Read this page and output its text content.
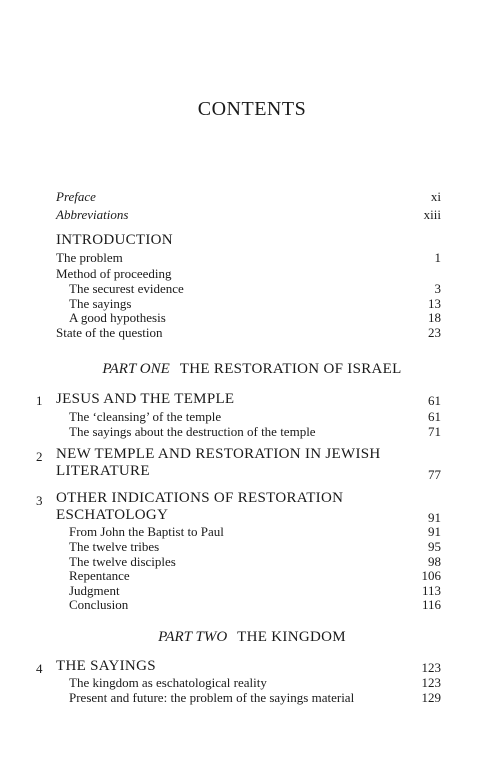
CONTENTS
Preface	xi
Abbreviations	xiii
INTRODUCTION
The problem	1
Method of proceeding
The securest evidence	3
The sayings	13
A good hypothesis	18
State of the question	23
PART ONE THE RESTORATION OF ISRAEL
1 JESUS AND THE TEMPLE	61
The ‘cleansing’ of the temple	61
The sayings about the destruction of the temple	71
2 NEW TEMPLE AND RESTORATION IN JEWISH
LITERATURE	77
3 OTHER INDICATIONS OF RESTORATION
ESCHATOLOGY	91
From John the Baptist to Paul	91
The twelve tribes	95
The twelve disciples	98
Repentance	106
Judgment	113
Conclusion	116
PART TWO THE KINGDOM
4 THE SAYINGS	123
The kingdom as eschatological reality	123
Present and future: the problem of the sayings material	129
